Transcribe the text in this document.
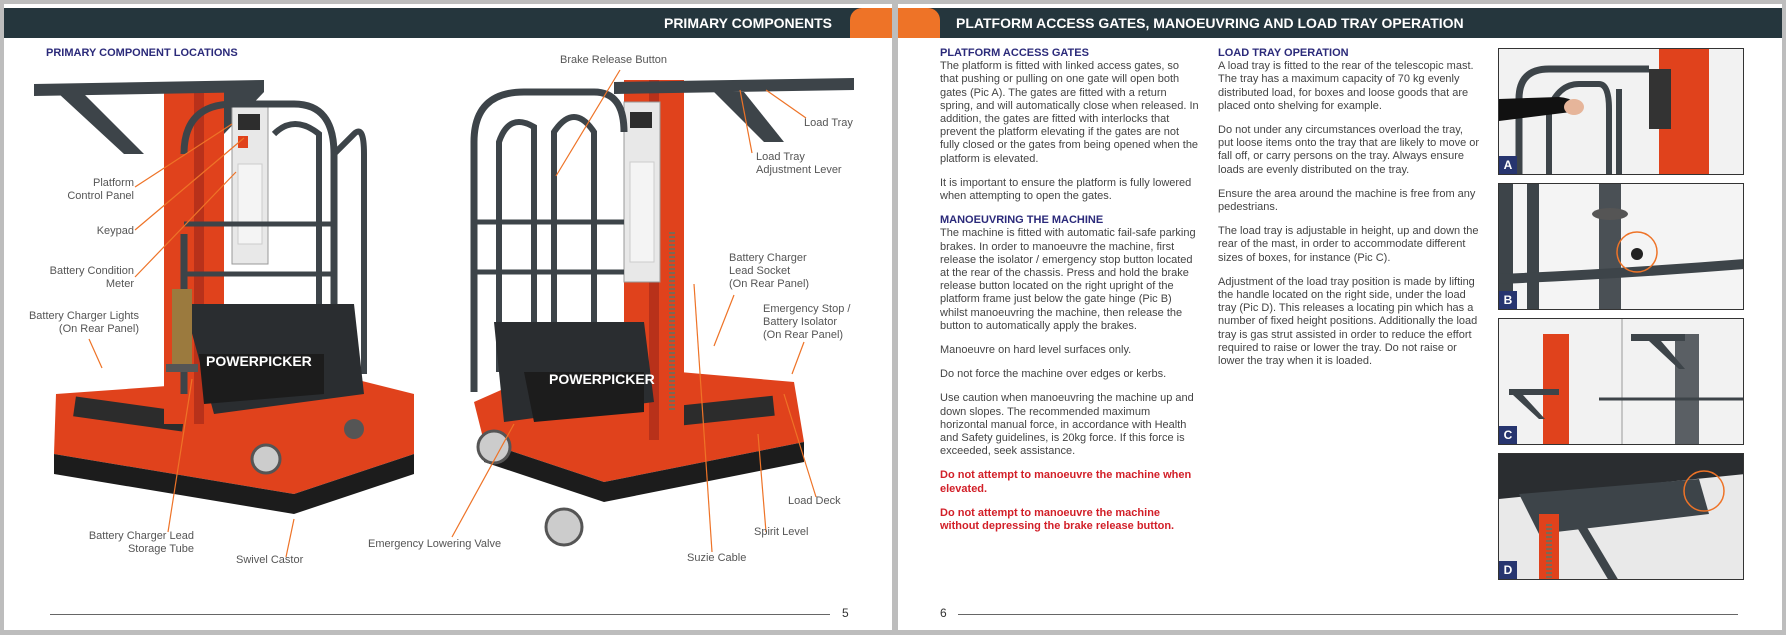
PRIMARY COMPONENTS
PRIMARY COMPONENT LOCATIONS
POWERPICKER
POWERPICKER
Brake Release Button
Load Tray
Load Tray
Adjustment Lever
Platform
Control Panel
Keypad
Battery Condition
Meter
Battery Charger Lights
(On Rear Panel)
Battery Charger
Lead Socket
(On Rear Panel)
Emergency Stop /
Battery Isolator
(On Rear Panel)
Load Deck
Spirit Level
Battery Charger Lead
Storage Tube
Swivel Castor
Emergency Lowering Valve
Suzie Cable
5
PLATFORM ACCESS GATES, MANOEUVRING AND LOAD TRAY OPERATION
PLATFORM ACCESS GATES

The platform is fitted with linked access gates, so that pushing or pulling on one gate will open both gates (Pic A). The gates are fitted with a return spring, and will automatically close when released. In addition, the gates are fitted with interlocks that prevent the platform elevating if the gates are not fully closed or the gates from being opened when the platform is elevated.

It is important to ensure the platform is fully lowered when attempting to open the gates.

MANOEUVRING THE MACHINE

The machine is fitted with automatic fail-safe parking brakes. In order to manoeuvre the machine, first release the isolator / emergency stop button located at the rear of the chassis. Press and hold the brake release button located on the right upright of the platform frame just below the gate hinge (Pic B) whilst manoeuvring the machine, then release the button to automatically apply the brakes.

Manoeuvre on hard level surfaces only.

Do not force the machine over edges or kerbs.

Use caution when manoeuvring the machine up and down slopes. The recommended maximum horizontal manual force, in accordance with Health and Safety guidelines, is 20kg force. If this force is exceeded, seek assistance.

Do not attempt to manoeuvre the machine when elevated.

Do not attempt to manoeuvre the machine without depressing the brake release button.

LOAD TRAY OPERATION

A load tray is fitted to the rear of the telescopic mast. The tray has a maximum capacity of 70 kg evenly distributed load, for boxes and loose goods that are placed onto shelving for example.

Do not under any circumstances overload the tray, put loose items onto the tray that are likely to move or fall off, or carry persons on the tray. Always ensure loads are evenly distributed on the tray.

Ensure the area around the machine is free from any pedestrians.

The load tray is adjustable in height, up and down the rear of the mast, in order to accommodate different sizes of boxes, for instance (Pic C).

Adjustment of the load tray position is made by lifting the handle located on the right side, under the load tray (Pic D). This releases a locating pin which has a number of fixed height positions. Additionally the load tray is gas strut assisted in order to reduce the effort required to raise or lower the tray. Do not raise or lower the tray when it is loaded.

A
B
C
D
6
